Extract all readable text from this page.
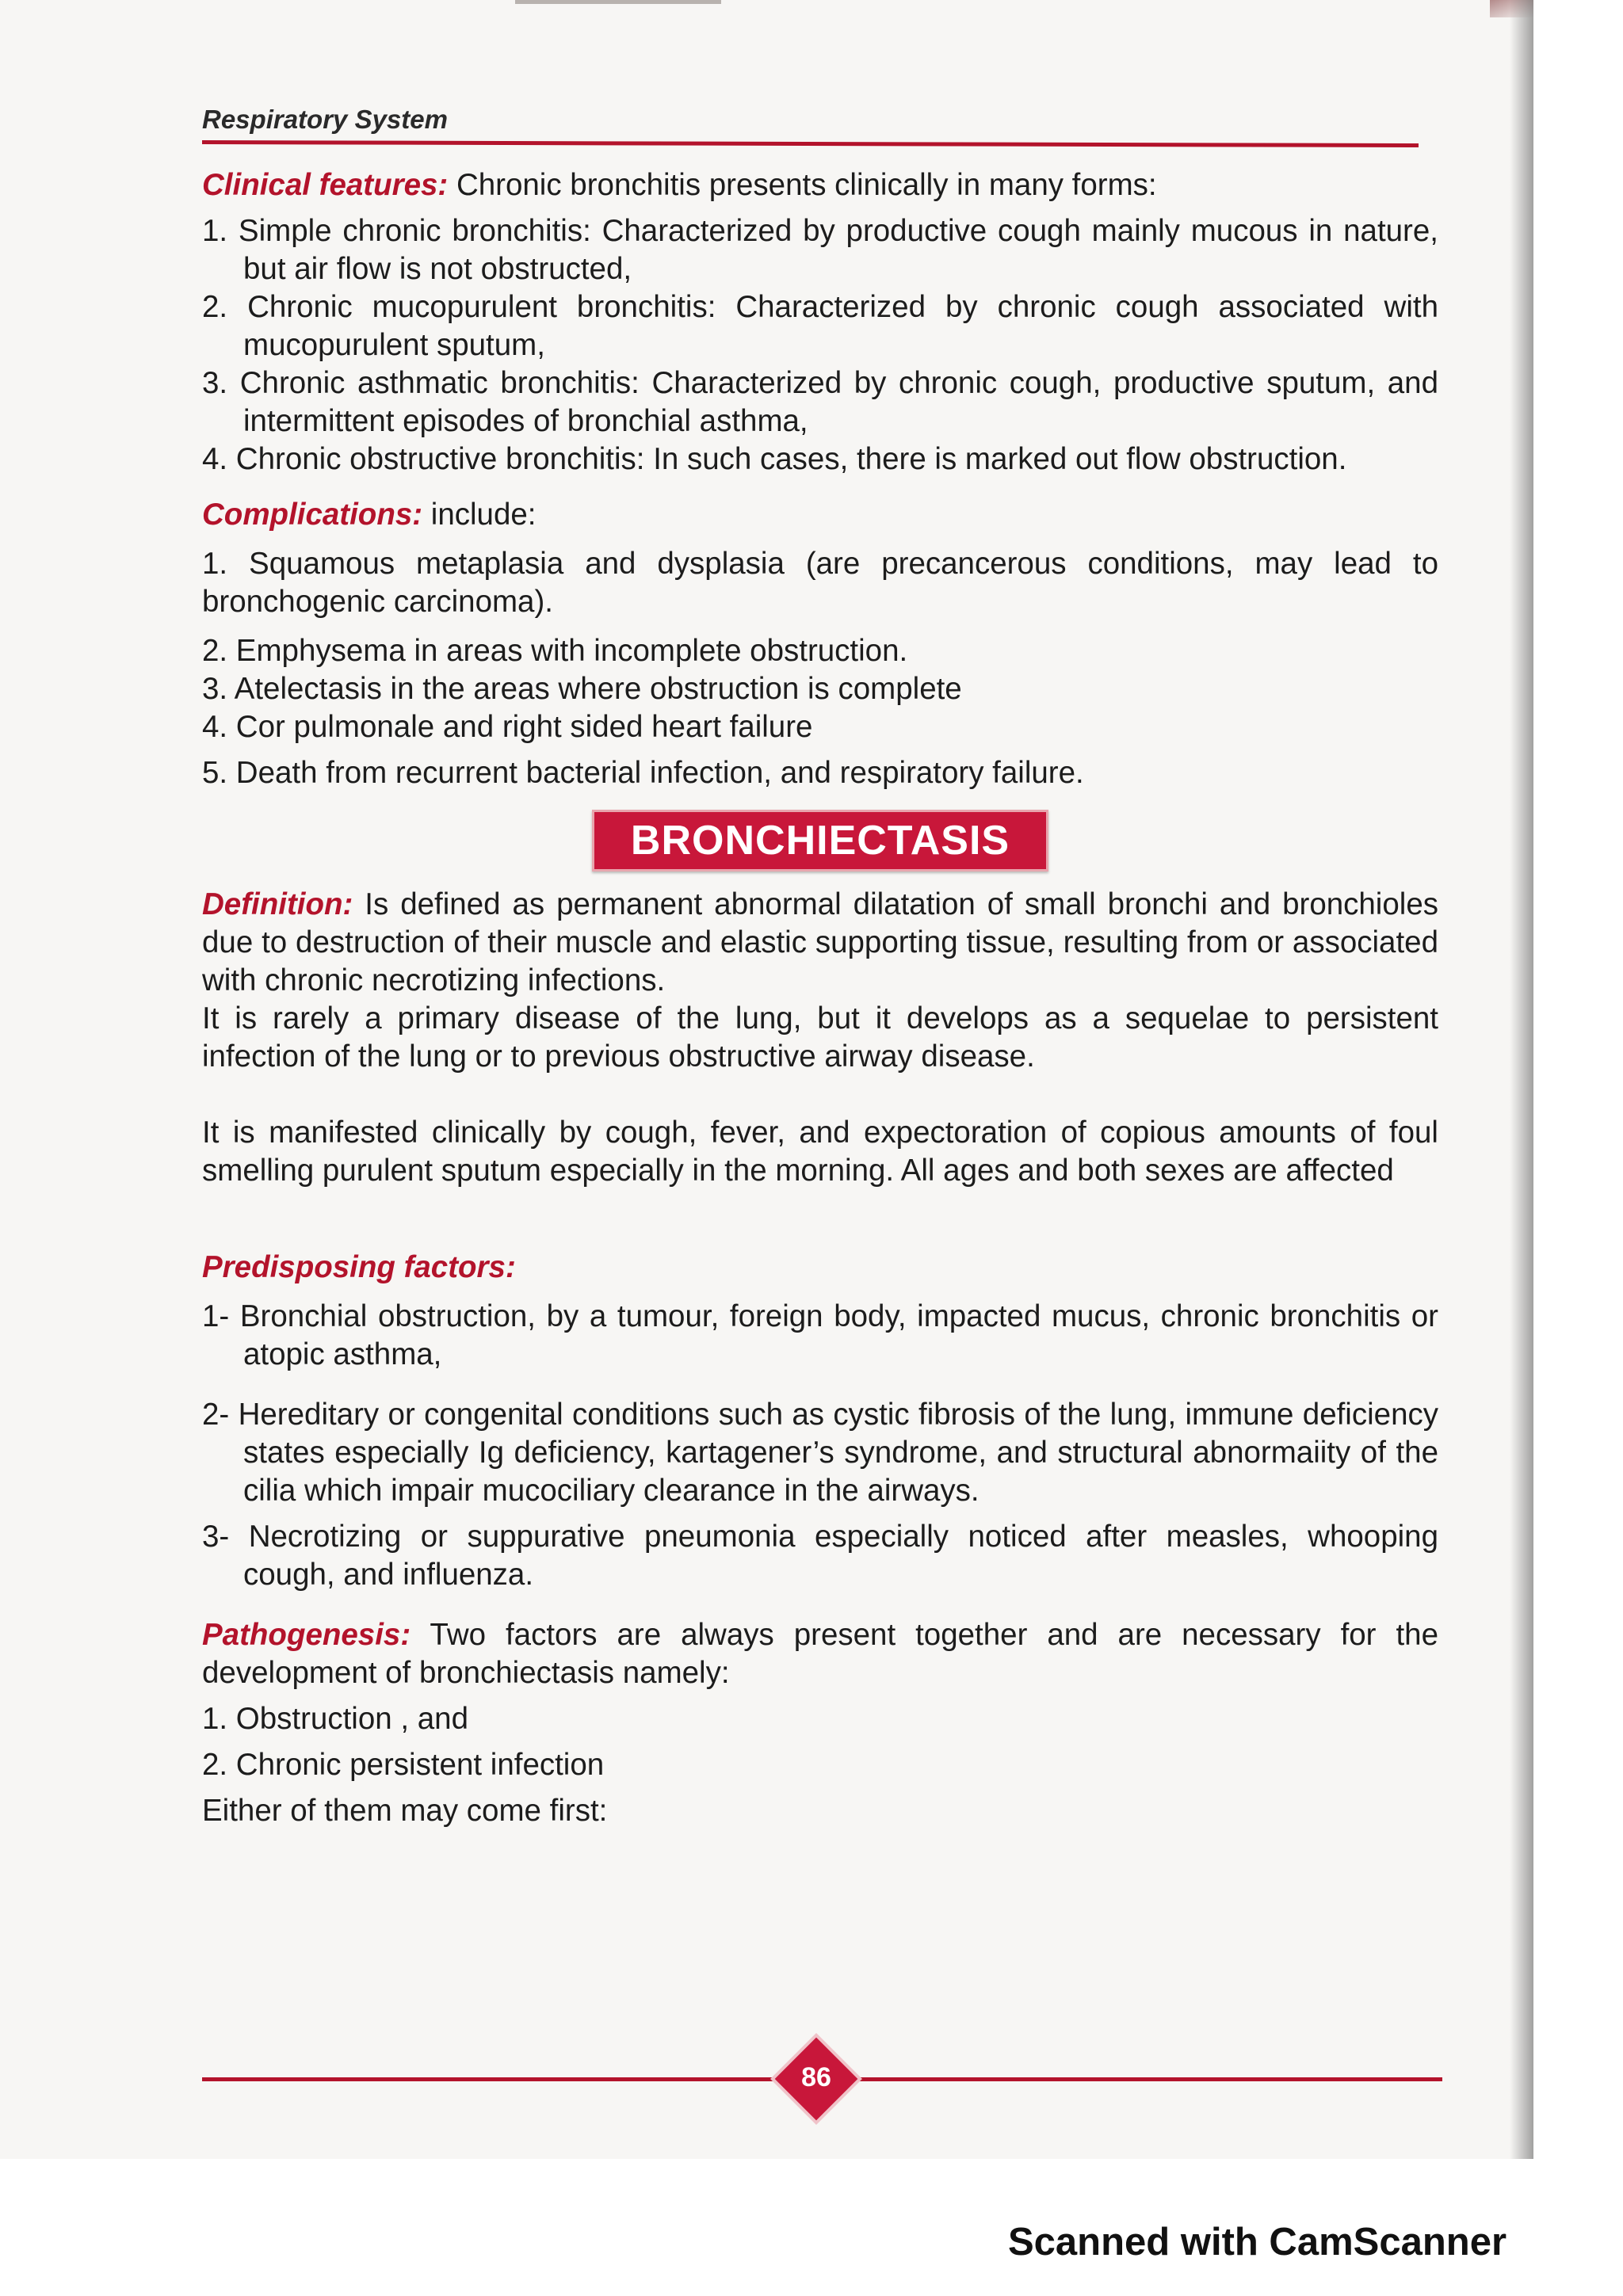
Respiratory System

Clinical features: Chronic bronchitis presents clinically in many forms:

1. Simple chronic bronchitis: Characterized by productive cough mainly mucous in nature, but air flow is not obstructed,

2. Chronic mucopurulent bronchitis: Characterized by chronic cough associated with mucopurulent sputum,

3. Chronic asthmatic bronchitis: Characterized by chronic cough, productive sputum, and intermittent episodes of bronchial asthma,

4. Chronic obstructive bronchitis: In such cases, there is marked out flow obstruction.

Complications: include:

1. Squamous metaplasia and dysplasia (are precancerous conditions, may lead to bronchogenic carcinoma).

2. Emphysema in areas with incomplete obstruction.

3. Atelectasis in the areas where obstruction is complete

4. Cor pulmonale and right sided heart failure

5. Death from recurrent bacterial infection, and respiratory failure.

BRONCHIECTASIS

Definition: Is defined as permanent abnormal dilatation of small bronchi and bronchioles due to destruction of their muscle and elastic supporting tissue, resulting from or associated with chronic necrotizing infections.

It is rarely a primary disease of the lung, but it develops as a sequelae to persistent infection of the lung or to previous obstructive airway disease.

It is manifested clinically by cough, fever, and expectoration of copious amounts of foul smelling purulent sputum especially in the morning. All ages and both sexes are affected

Predisposing factors:

1- Bronchial obstruction, by a tumour, foreign body, impacted mucus, chronic bronchitis or atopic asthma,

2- Hereditary or congenital conditions such as cystic fibrosis of the lung, immune deficiency states especially Ig deficiency, kartagener’s syndrome, and structural abnormaiity of the cilia which impair mucociliary clearance in the airways.

3- Necrotizing or suppurative pneumonia especially noticed after measles, whooping cough, and influenza.

Pathogenesis: Two factors are always present together and are necessary for the development of bronchiectasis namely:

1. Obstruction , and

2. Chronic persistent infection

Either of them may come first:

86
Scanned with CamScanner
